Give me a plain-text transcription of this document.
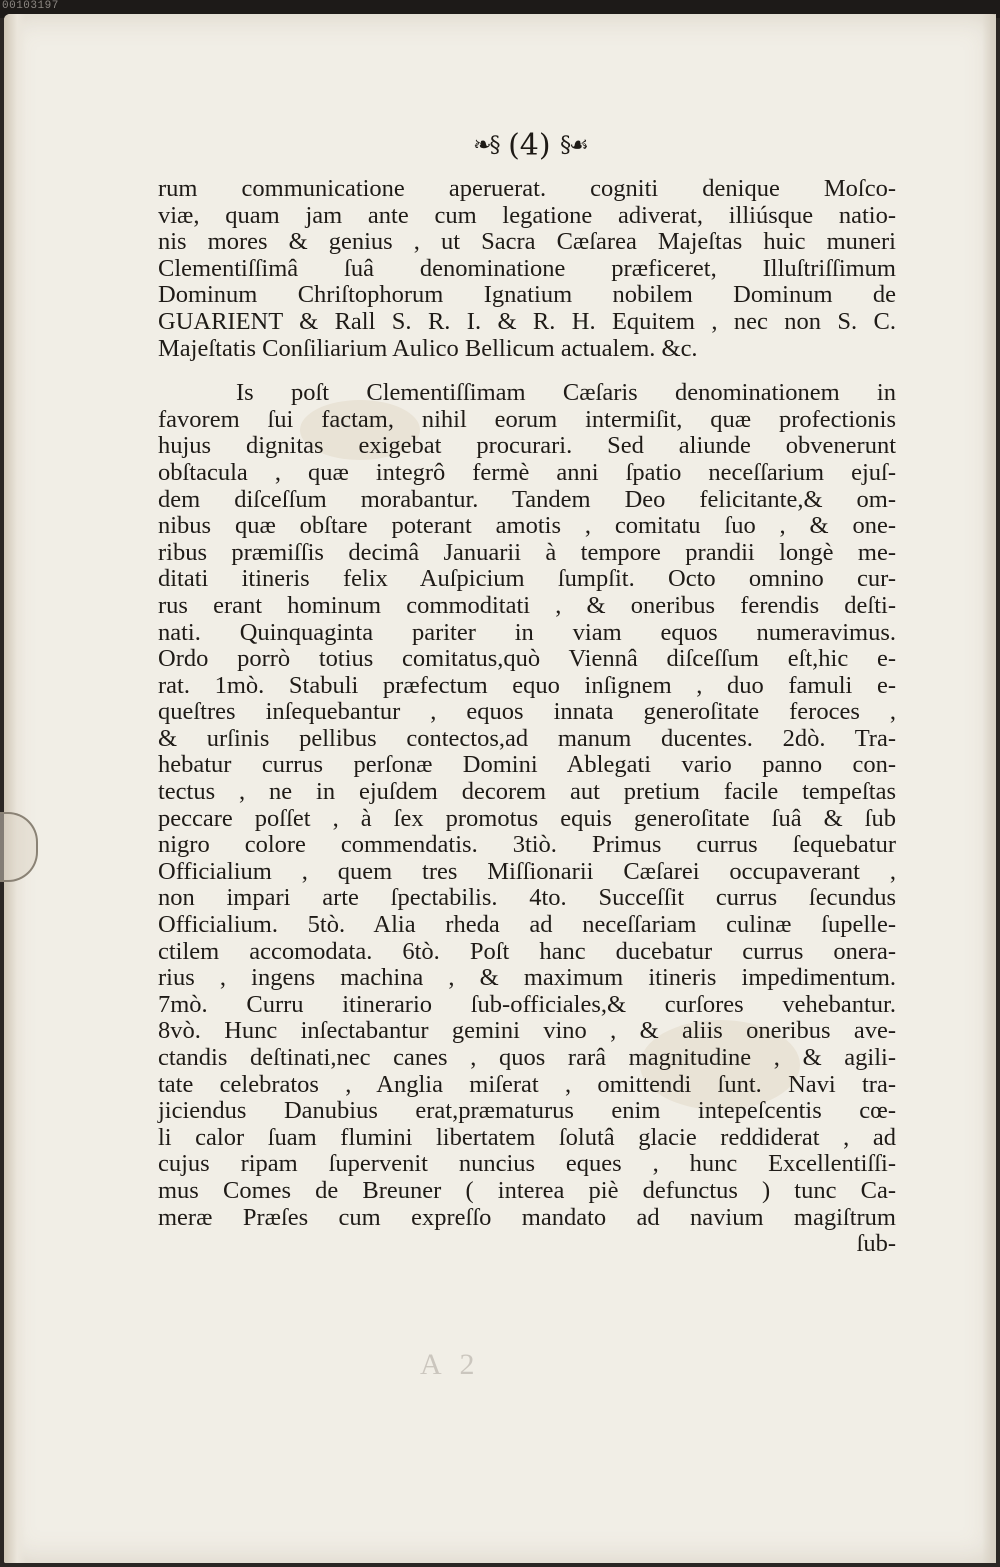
00103197
❧§ (4) §☙
rum communicatione aperuerat. cogniti denique Moſco-
viæ, quam jam ante cum legatione adiverat, illiúsque natio-
nis mores & genius , ut Sacra Cæſarea Majeſtas huic muneri
Clementiſſimâ ſuâ denominatione præficeret, Illuſtriſſimum
Dominum Chriſtophorum Ignatium nobilem Dominum de
GUARIENT & Rall S. R. I. & R. H. Equitem , nec non S. C.
Majeſtatis Conſiliarium Aulico Bellicum actualem. &c.
Is poſt Clementiſſimam Cæſaris denominationem in
favorem ſui factam, nihil eorum intermiſit, quæ profectionis
hujus dignitas exigebat procurari. Sed aliunde obvenerunt
obſtacula , quæ integrô fermè anni ſpatio neceſſarium ejuſ-
dem diſceſſum morabantur. Tandem Deo felicitante,& om-
nibus quæ obſtare poterant amotis , comitatu ſuo , & one-
ribus præmiſſis decimâ Januarii à tempore prandii longè me-
ditati itineris felix Auſpicium ſumpſit. Octo omnino cur-
rus erant hominum commoditati , & oneribus ferendis deſti-
nati. Quinquaginta pariter in viam equos numeravimus.
Ordo porrò totius comitatus,quò Viennâ diſceſſum eſt,hic e-
rat. 1mò. Stabuli præfectum equo inſignem , duo famuli e-
queſtres inſequebantur , equos innata generoſitate feroces ,
& urſinis pellibus contectos,ad manum ducentes. 2dò. Tra-
hebatur currus perſonæ Domini Ablegati vario panno con-
tectus , ne in ejuſdem decorem aut pretium facile tempeſtas
peccare poſſet , à ſex promotus equis generoſitate ſuâ & ſub
nigro colore commendatis. 3tiò. Primus currus ſequebatur
Officialium , quem tres Miſſionarii Cæſarei occupaverant ,
non impari arte ſpectabilis. 4to. Succeſſit currus ſecundus
Officialium. 5tò. Alia rheda ad neceſſariam culinæ ſupelle-
ctilem accomodata. 6tò. Poſt hanc ducebatur currus onera-
rius , ingens machina , & maximum itineris impedimentum.
7mò. Curru itinerario ſub-officiales,& curſores vehebantur.
8vò. Hunc inſectabantur gemini vino , & aliis oneribus ave-
ctandis deſtinati,nec canes , quos rarâ magnitudine , & agili-
tate celebratos , Anglia miſerat , omittendi ſunt. Navi tra-
jiciendus Danubius erat,præmaturus enim intepeſcentis cœ-
li calor ſuam flumini libertatem ſolutâ glacie reddiderat , ad
cujus ripam ſupervenit nuncius eques , hunc Excellentiſſi-
mus Comes de Breuner ( interea piè defunctus ) tunc Ca-
meræ Præſes cum expreſſo mandato ad navium magiſtrum
ſub-
A 2
